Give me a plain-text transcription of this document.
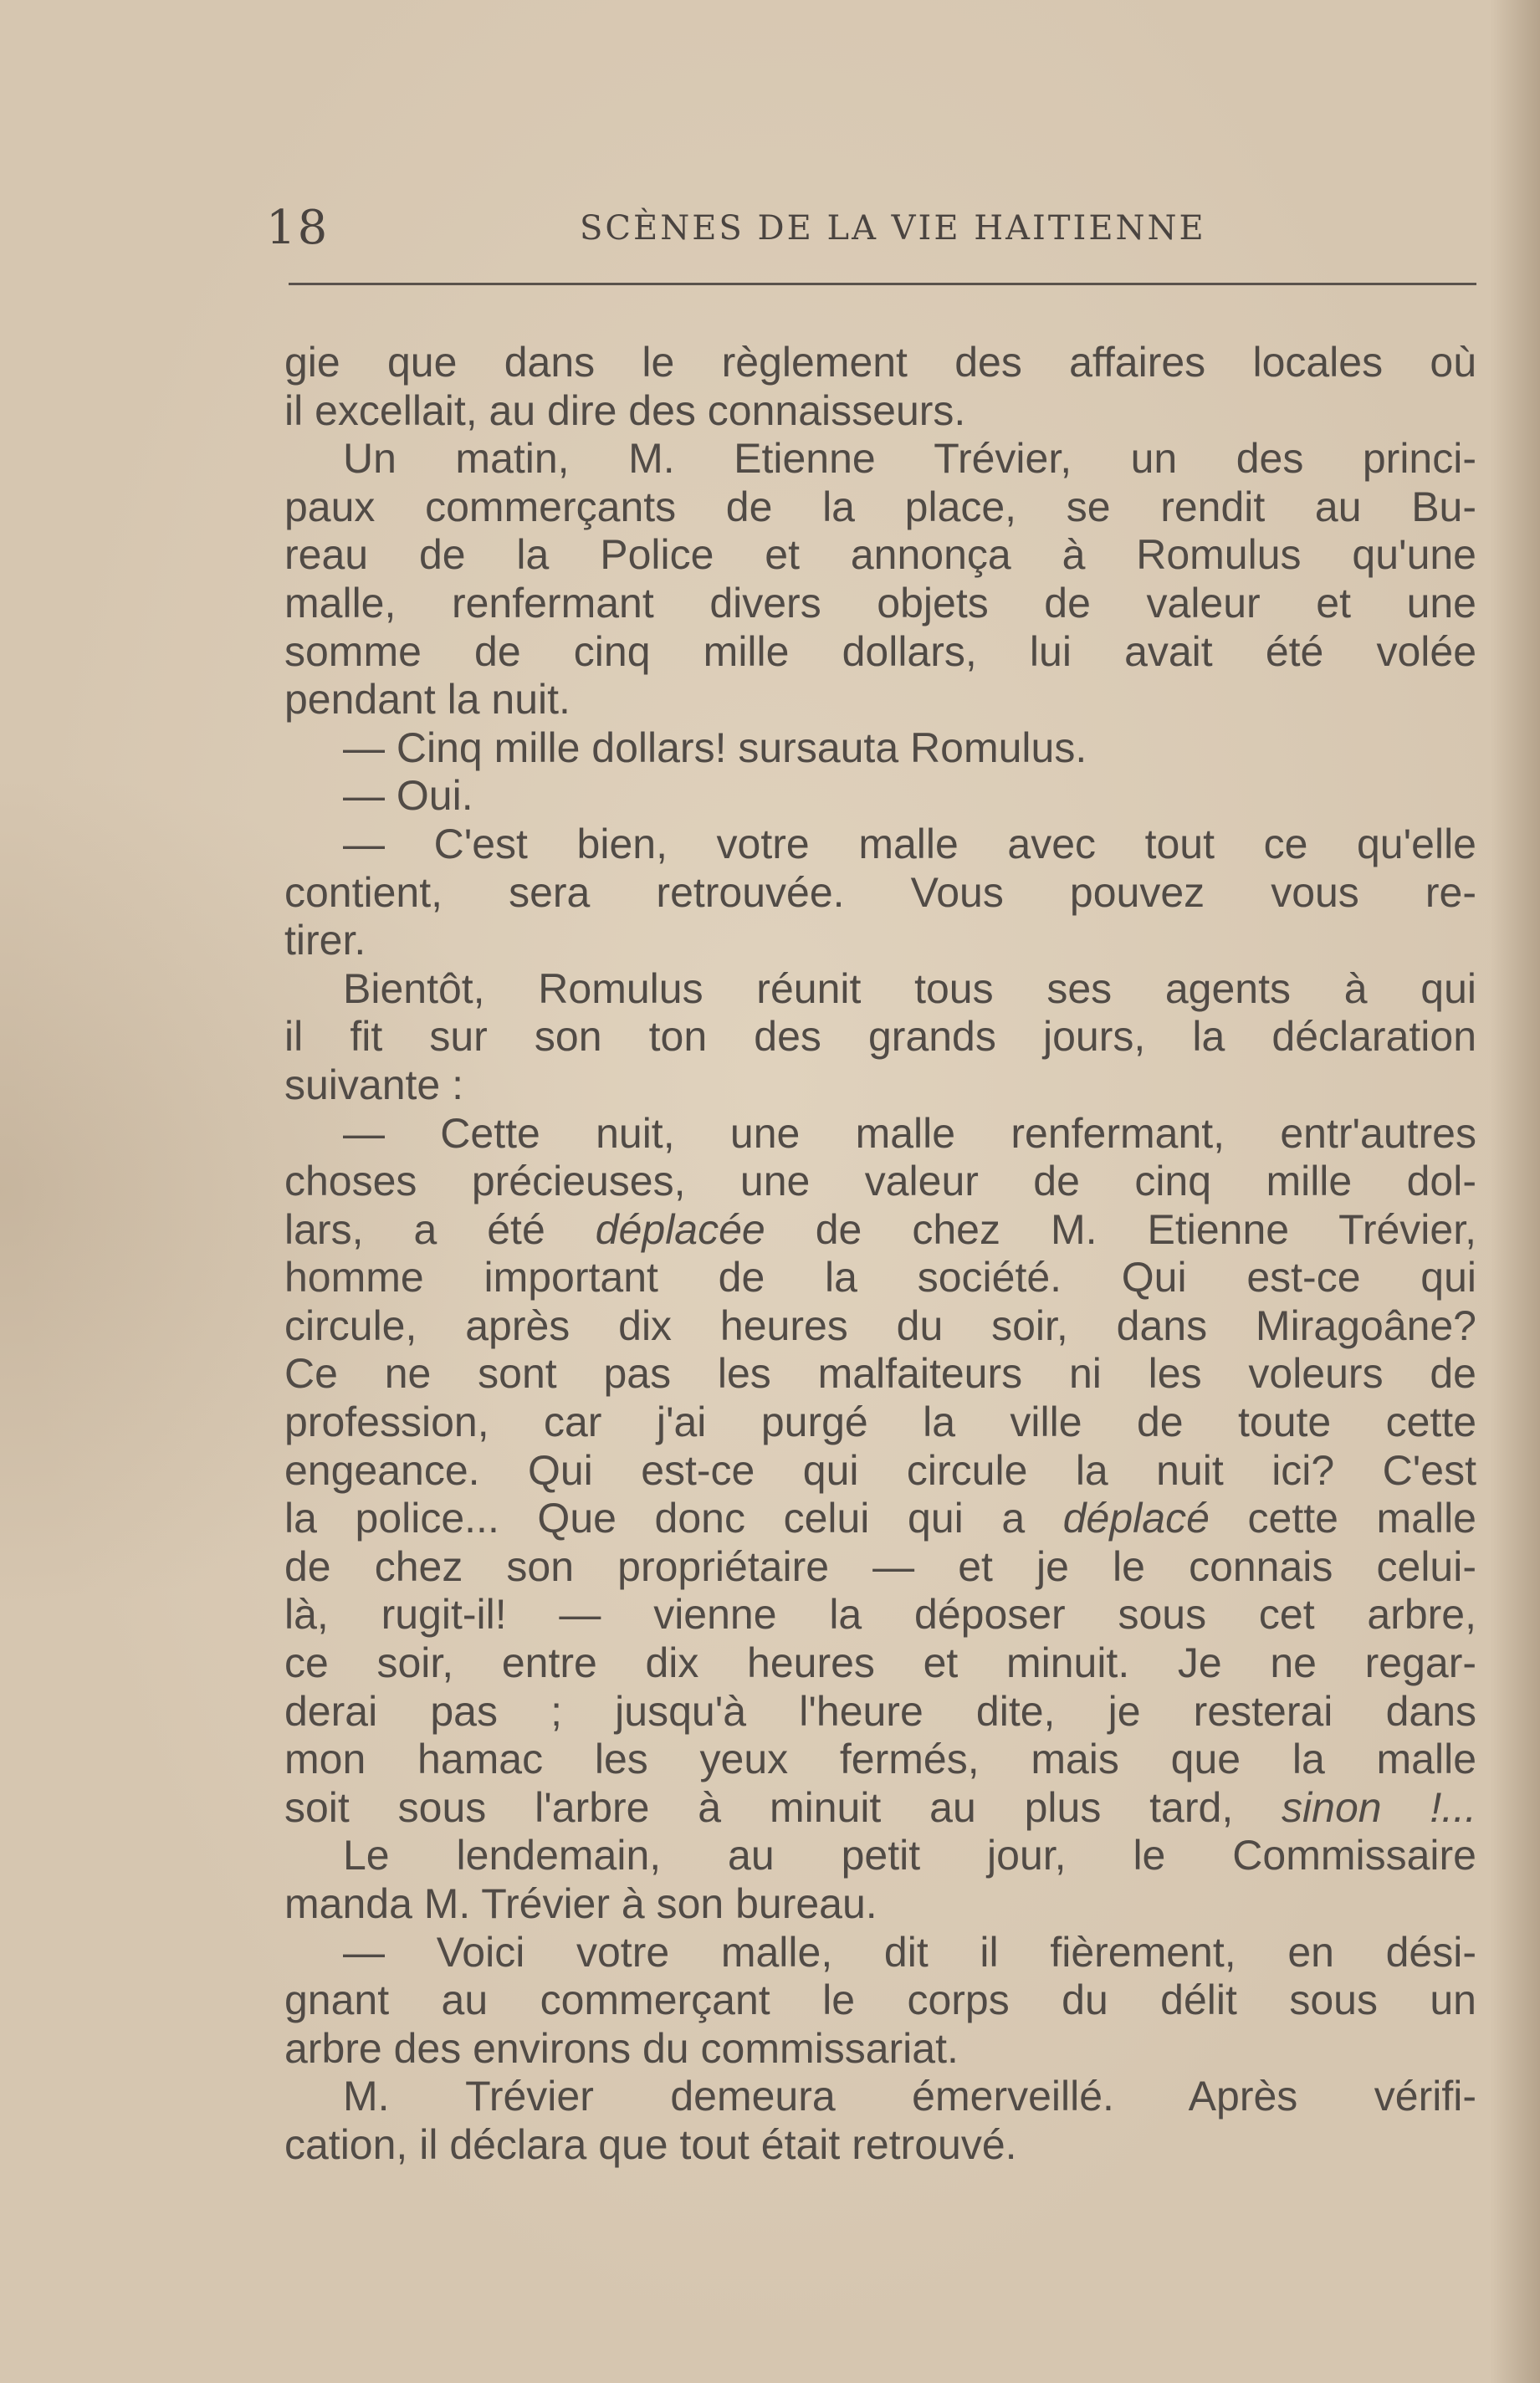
18	SCÈNES DE LA VIE HAITIENNE
gie que dans le règlement des affaires locales où
il excellait, au dire des connaisseurs.
Un matin, M. Etienne Trévier, un des princi-
paux commerçants de la place, se rendit au Bu-
reau de la Police et annonça à Romulus qu'une
malle, renfermant divers objets de valeur et une
somme de cinq mille dollars, lui avait été volée
pendant la nuit.
— Cinq mille dollars! sursauta Romulus.
— Oui.
— C'est bien, votre malle avec tout ce qu'elle
contient, sera retrouvée. Vous pouvez vous re-
tirer.
Bientôt, Romulus réunit tous ses agents à qui
il fit sur son ton des grands jours, la déclaration
suivante :
— Cette nuit, une malle renfermant, entr'autres
choses précieuses, une valeur de cinq mille dol-
lars, a été déplacée de chez M. Etienne Trévier,
homme important de la société. Qui est-ce qui
circule, après dix heures du soir, dans Miragoâne?
Ce ne sont pas les malfaiteurs ni les voleurs de
profession, car j'ai purgé la ville de toute cette
engeance. Qui est-ce qui circule la nuit ici? C'est
la police... Que donc celui qui a déplacé cette malle
de chez son propriétaire — et je le connais celui-
là, rugit-il! — vienne la déposer sous cet arbre,
ce soir, entre dix heures et minuit. Je ne regar-
derai pas ; jusqu'à l'heure dite, je resterai dans
mon hamac les yeux fermés, mais que la malle
soit sous l'arbre à minuit au plus tard, sinon !...
Le lendemain, au petit jour, le Commissaire
manda M. Trévier à son bureau.
— Voici votre malle, dit il fièrement, en dési-
gnant au commerçant le corps du délit sous un
arbre des environs du commissariat.
M. Trévier demeura émerveillé. Après vérifi-
cation, il déclara que tout était retrouvé.
